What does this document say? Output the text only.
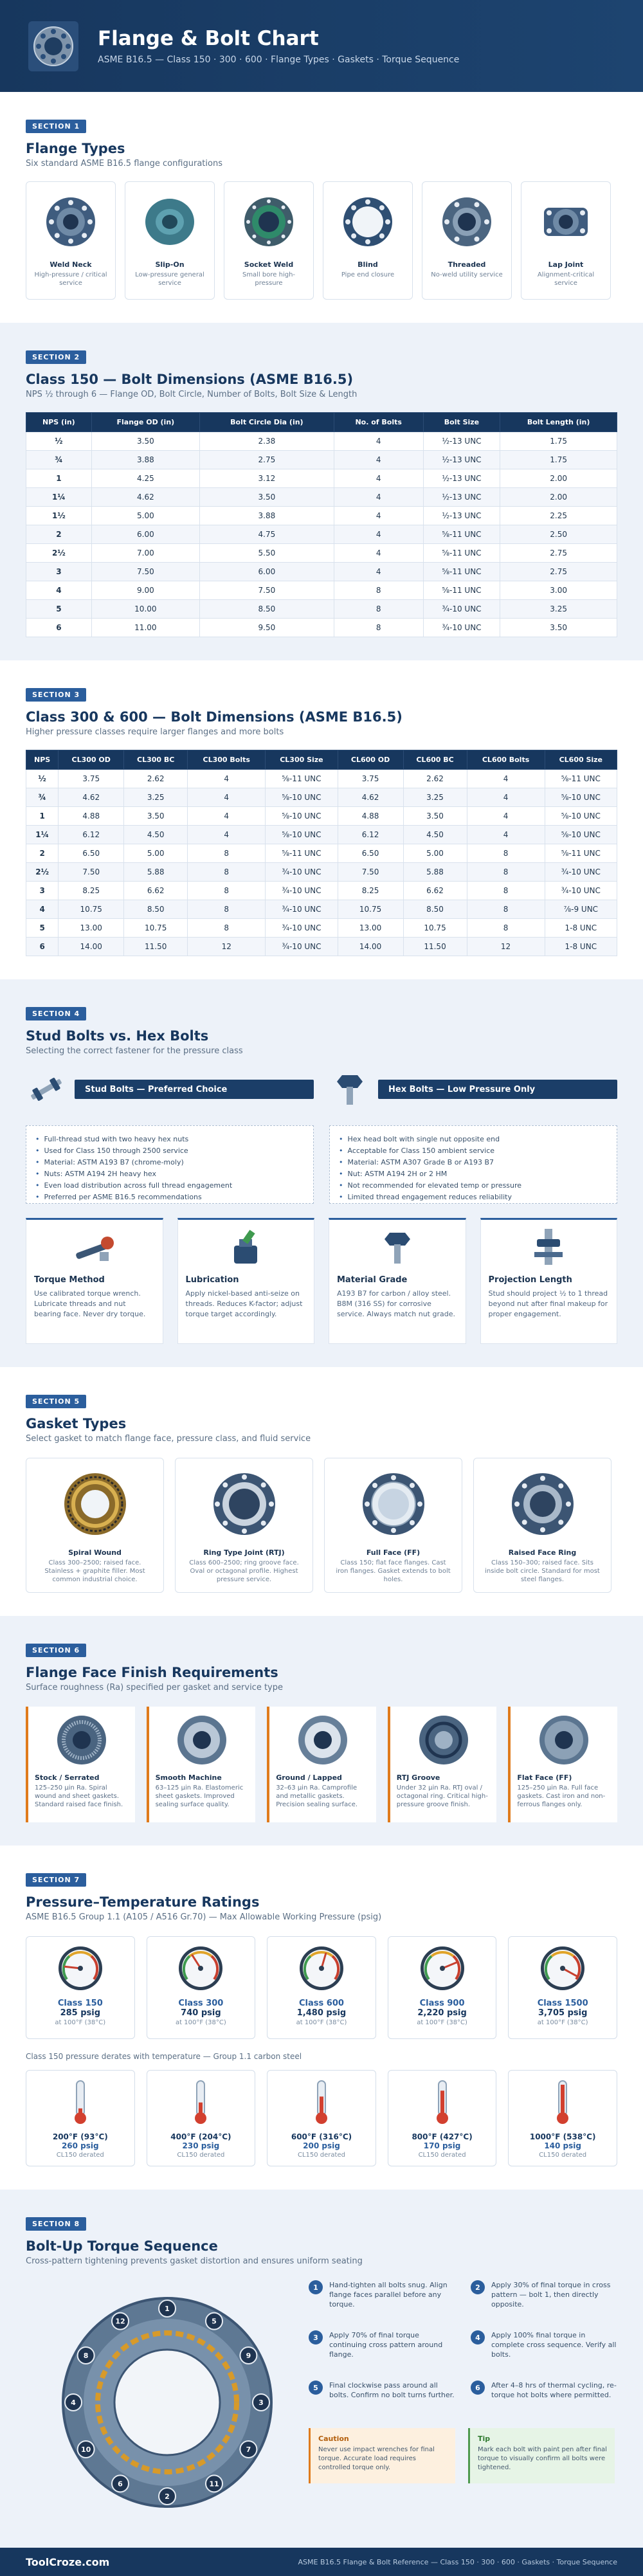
Flange & Bolt Chart
ASME B16.5 — Class 150 · 300 · 600 · Flange Types · Gaskets · Torque Sequence
SECTION 1
Flange Types
Six standard ASME B16.5 flange configurations
Weld Neck
High-pressure / critical service
Slip-On
Low-pressure general service
Socket Weld
Small bore high-pressure
Blind
Pipe end closure
Threaded
No-weld utility service
Lap Joint
Alignment-critical service
SECTION 2
Class 150 — Bolt Dimensions (ASME B16.5)
NPS ½ through 6 — Flange OD, Bolt Circle, Number of Bolts, Bolt Size & Length
NPS (in)	Flange OD (in)	Bolt Circle Dia (in)	No. of Bolts	Bolt Size	Bolt Length (in)
½	3.50	2.38	4	½-13 UNC	1.75
¾	3.88	2.75	4	½-13 UNC	1.75
1	4.25	3.12	4	½-13 UNC	2.00
1¼	4.62	3.50	4	½-13 UNC	2.00
1½	5.00	3.88	4	½-13 UNC	2.25
2	6.00	4.75	4	⅝-11 UNC	2.50
2½	7.00	5.50	4	⅝-11 UNC	2.75
3	7.50	6.00	4	⅝-11 UNC	2.75
4	9.00	7.50	8	⅝-11 UNC	3.00
5	10.00	8.50	8	¾-10 UNC	3.25
6	11.00	9.50	8	¾-10 UNC	3.50
SECTION 3
Class 300 & 600 — Bolt Dimensions (ASME B16.5)
Higher pressure classes require larger flanges and more bolts
NPS	CL300 OD	CL300 BC	CL300 Bolts	CL300 Size	CL600 OD	CL600 BC	CL600 Bolts	CL600 Size
½	3.75	2.62	4	⅝-11 UNC	3.75	2.62	4	⅝-11 UNC
¾	4.62	3.25	4	⅝-10 UNC	4.62	3.25	4	⅝-10 UNC
1	4.88	3.50	4	⅝-10 UNC	4.88	3.50	4	⅝-10 UNC
1¼	6.12	4.50	4	⅝-10 UNC	6.12	4.50	4	⅝-10 UNC
2	6.50	5.00	8	⅝-11 UNC	6.50	5.00	8	⅝-11 UNC
2½	7.50	5.88	8	¾-10 UNC	7.50	5.88	8	¾-10 UNC
3	8.25	6.62	8	¾-10 UNC	8.25	6.62	8	¾-10 UNC
4	10.75	8.50	8	¾-10 UNC	10.75	8.50	8	⅞-9 UNC
5	13.00	10.75	8	¾-10 UNC	13.00	10.75	8	1-8 UNC
6	14.00	11.50	12	¾-10 UNC	14.00	11.50	12	1-8 UNC
SECTION 4
Stud Bolts vs. Hex Bolts
Selecting the correct fastener for the pressure class
Stud Bolts — Preferred Choice
• Full-thread stud with two heavy hex nuts
• Used for Class 150 through 2500 service
• Material: ASTM A193 B7 (chrome-moly)
• Nuts: ASTM A194 2H heavy hex
• Even load distribution across full thread engagement
• Preferred per ASME B16.5 recommendations
Hex Bolts — Low Pressure Only
• Hex head bolt with single nut opposite end
• Acceptable for Class 150 ambient service
• Material: ASTM A307 Grade B or A193 B7
• Nut: ASTM A194 2H or 2 HM
• Not recommended for elevated temp or pressure
• Limited thread engagement reduces reliability
Torque Method
Use calibrated torque wrench. Lubricate threads and nut bearing face. Never dry torque.
Lubrication
Apply nickel-based anti-seize on threads. Reduces K-factor; adjust torque target accordingly.
Material Grade
A193 B7 for carbon / alloy steel. B8M (316 SS) for corrosive service. Always match nut grade.
Projection Length
Stud should project ½ to 1 thread beyond nut after final makeup for proper engagement.
SECTION 5
Gasket Types
Select gasket to match flange face, pressure class, and fluid service
Spiral Wound
Class 300–2500; raised face. Stainless + graphite filler. Most common industrial choice.
Ring Type Joint (RTJ)
Class 600–2500; ring groove face. Oval or octagonal profile. Highest pressure service.
Full Face (FF)
Class 150; flat face flanges. Cast iron flanges. Gasket extends to bolt holes.
Raised Face Ring
Class 150–300; raised face. Sits inside bolt circle. Standard for most steel flanges.
SECTION 6
Flange Face Finish Requirements
Surface roughness (Ra) specified per gasket and service type
Stock / Serrated
125–250 µin Ra. Spiral wound and sheet gaskets. Standard raised face finish.
Smooth Machine
63–125 µin Ra. Elastomeric sheet gaskets. Improved sealing surface quality.
Ground / Lapped
32–63 µin Ra. Camprofile and metallic gaskets. Precision sealing surface.
RTJ Groove
Under 32 µin Ra. RTJ oval / octagonal ring. Critical high-pressure groove finish.
Flat Face (FF)
125–250 µin Ra. Full face gaskets. Cast iron and non-ferrous flanges only.
SECTION 7
Pressure–Temperature Ratings
ASME B16.5 Group 1.1 (A105 / A516 Gr.70) — Max Allowable Working Pressure (psig)
Class 150
285 psig
at 100°F (38°C)
Class 300
740 psig
at 100°F (38°C)
Class 600
1,480 psig
at 100°F (38°C)
Class 900
2,220 psig
at 100°F (38°C)
Class 1500
3,705 psig
at 100°F (38°C)
Class 150 pressure derates with temperature — Group 1.1 carbon steel
200°F (93°C)
260 psig
CL150 derated
400°F (204°C)
230 psig
CL150 derated
600°F (316°C)
200 psig
CL150 derated
800°F (427°C)
170 psig
CL150 derated
1000°F (538°C)
140 psig
CL150 derated
SECTION 8
Bolt-Up Torque Sequence
Cross-pattern tightening prevents gasket distortion and ensures uniform seating
1
2
3
4
5
6
7
8	9
10
11
12
1	Hand-tighten all bolts snug. Align flange faces parallel before any torque.
2	Apply 30% of final torque in cross pattern — bolt 1, then directly opposite.
3	Apply 70% of final torque continuing cross pattern around flange.
4	Apply 100% final torque in complete cross sequence. Verify all bolts.
5	Final clockwise pass around all bolts. Confirm no bolt turns further.
6	After 4–8 hrs of thermal cycling, re-torque hot bolts where permitted.
Caution
Never use impact wrenches for final torque. Accurate load requires controlled torque only.
Tip
Mark each bolt with paint pen after final torque to visually confirm all bolts were tightened.
ToolCroze.com	ASME B16.5 Flange & Bolt Reference — Class 150 · 300 · 600 · Gaskets · Torque Sequence
